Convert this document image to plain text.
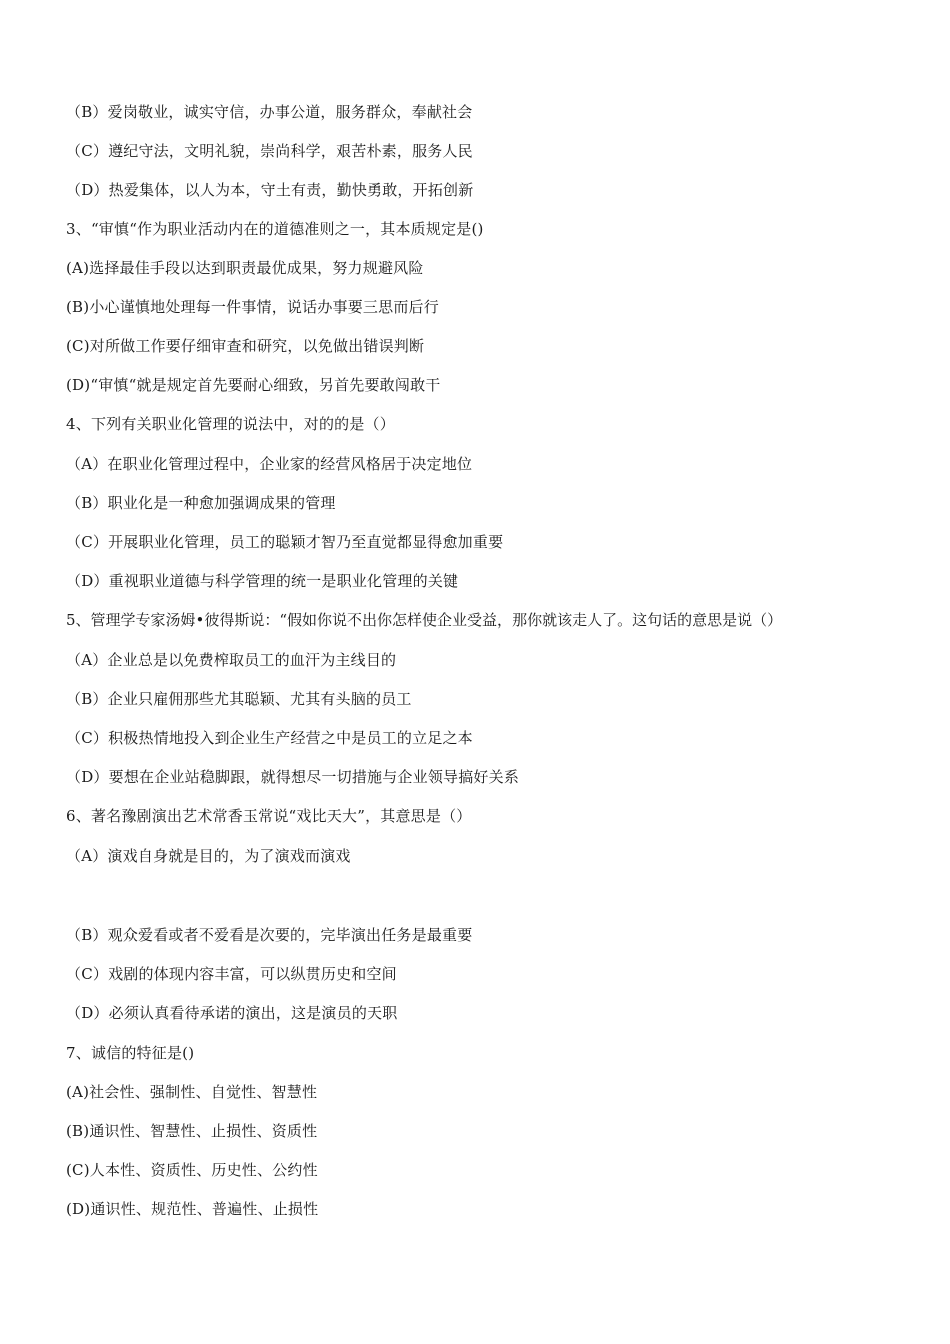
（B）爱岗敬业，诚实守信，办事公道，服务群众，奉献社会
（C）遵纪守法，文明礼貌，崇尚科学，艰苦朴素，服务人民
（D）热爱集体，以人为本，守土有责，勤快勇敢，开拓创新
3、“审慎“作为职业活动内在的道德准则之一，其本质规定是()
(A)选择最佳手段以达到职责最优成果，努力规避风险
(B)小心谨慎地处理每一件事情，说话办事要三思而后行
(C)对所做工作要仔细审查和研究，以免做出错误判断
(D)“审慎“就是规定首先要耐心细致，另首先要敢闯敢干
4、下列有关职业化管理的说法中，对的的是（）
（A）在职业化管理过程中，企业家的经营风格居于决定地位
（B）职业化是一种愈加强调成果的管理
（C）开展职业化管理，员工的聪颖才智乃至直觉都显得愈加重要
（D）重视职业道德与科学管理的统一是职业化管理的关键
5、管理学专家汤姆•彼得斯说：“假如你说不出你怎样使企业受益，那你就该走人了。这句话的意思是说（）
（A）企业总是以免费榨取员工的血汗为主线目的
（B）企业只雇佣那些尤其聪颖、尤其有头脑的员工
（C）积极热情地投入到企业生产经营之中是员工的立足之本
（D）要想在企业站稳脚跟，就得想尽一切措施与企业领导搞好关系
6、著名豫剧演出艺术常香玉常说“戏比天大”，其意思是（）
（A）演戏自身就是目的，为了演戏而演戏
（B）观众爱看或者不爱看是次要的，完毕演出任务是最重要
（C）戏剧的体现内容丰富，可以纵贯历史和空间
（D）必须认真看待承诺的演出，这是演员的天职
7、诚信的特征是()
(A)社会性、强制性、自觉性、智慧性
(B)通识性、智慧性、止损性、资质性
(C)人本性、资质性、历史性、公约性
(D)通识性、规范性、普遍性、止损性
